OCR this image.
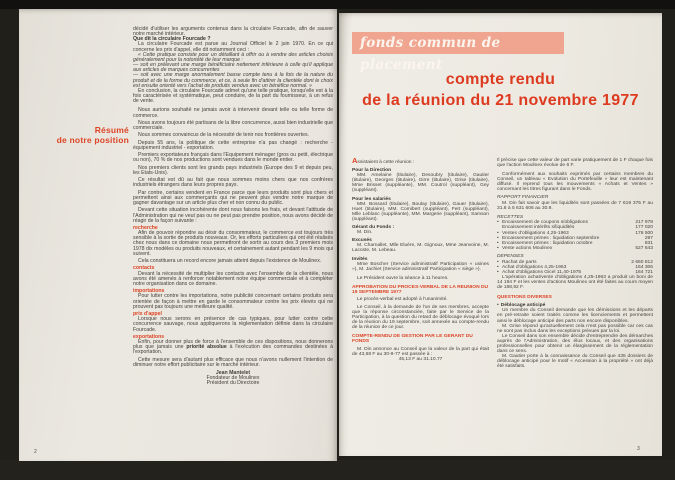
Résumé
de notre position
décidé d'utiliser les arguments contenus dans la circulaire Fourcade, afin de sauver notre marché intérieur.
Que dit la circulaire Fourcade ?
La circulaire Fourcade est parue au Journal Officiel le 2 juin 1970. En ce qui concerne les prix d'appel, elle dit notamment ceci :
« Cette pratique consiste pour un détaillant à offrir ou à vendre des articles choisis généralement pour la notoriété de leur marque :
— soit en prélevant une marge bénéficiaire nettement inférieure à celle qu'il applique aux articles de marques concurrentes
— soit avec une marge anormalement basse compte tenu à la fois de la nature du produit et de la forme du commerce, et ce, à seule fin d'attirer la clientèle dont le choix est ensuite orienté vers l'achat de produits vendus avec un bénéfice normal. »
En conclusion, la circulaire Fourcade admet qu'une telle pratique, lorsqu'elle est à la fois caractérisée et systématique, peut conduire, de la part du fournisseur, à un refus de vente.
Nous aurions souhaité ne jamais avoir à intervenir devant telle ou telle forme de commerce.
Nous avons toujours été partisans de la libre concurrence, aussi bien industrielle que commerciale.
Nous sommes convaincus de la nécessité de tenir nos frontières ouvertes.
Depuis 55 ans, la politique de cette entreprise n'a pas changé : recherche - équipement industriel - exportation.
Premiers exportateurs français dans l'Equipement ménager (gros ou petit, électrique ou non), 70 % de nos productions sont vendues dans le monde entier.
Nos premiers clients sont les grands pays industriels (Europe des 9 et depuis peu, les Etats-Unis).
Ce résultat est dû au fait que nous sommes moins chers que nos confrères industriels étrangers dans leurs propres pays.
Par contre, certains vendent en France parce que leurs produits sont plus chers et permettent ainsi aux commerçants qui ne peuvent plus vendre notre marque de gagner davantage sur un article plus cher et non connu du public.
Devant cette situation incohérente dont nous faisons les frais, et devant l'attitude de l'Administration qui ne veut pas ou ne peut pas prendre position, nous avons décidé de réagir de la façon suivante :
recherche
Afin de pouvoir répondre au désir du consommateur, le commerce est toujours très sensible à la sortie de produits nouveaux. Or, les efforts particuliers qui ont été réalisés chez nous dans ce domaine nous permettront de sortir au cours des 3 premiers mois 1978 dix modèles ou produits nouveaux, et certainement autant pendant les 9 mois qui suivent.
Cela constituera un record encore jamais atteint depuis l'existence de Moulinex.
contacts
Devant la nécessité de multiplier les contacts avec l'ensemble de la clientèle, nous avons été amenés à renforcer notablement notre équipe commerciale et à compléter notre organisation dans ce domaine.
importations
Pour lutter contre les importations, notre publicité concernant certains produits sera orientée de façon à mettre en garde le consommateur contre les prix élevés qui ne prouvent pas toujours une meilleure qualité.
prix d'appel
Lorsque nous serons en présence de cas typiques, pour lutter contre cette concurrence sauvage, nous appliquerons la réglementation définie dans la circulaire Fourcade.
exportations
Enfin, pour donner plus de force à l'ensemble de ces dispositions, nous donnerons plus que jamais une priorité absolue à l'exécution des commandes destinées à l'exportation.
Cette mesure sera d'autant plus efficace que nous n'avons nullement l'intention de diminuer notre effort publicitaire sur le marché intérieur.
Jean Mantelet
Fondateur de Moulinex
Président du Directoire
2
fonds commun de placement
compte rendu
de la réunion du 21 novembre 1977
Assistaient à cette réunion :
Pour la Direction
MM. Amelaine (titulaire), Desoubry (titulaire), Gautier (titulaire), Georges (titulaire), Girre (titulaire), Grise (titulaire), Mme Brisset (suppléante), MM. Coutrol (suppléant), Gey (suppléant).
Pour les salariés
MM. Bossard (titulaire), Boulay (titulaire), Gauer (titulaire), Huet (titulaire), MM. Comibert (suppléant), Fert (suppléant), Mlle Leblanc (suppléante), MM. Margerie (suppléant), Samson (suppléant).
Gérant du Fonds :
M. Din.
Excusés
M. Charnallet, Mlle Eluère, M. Gignoux, Mme Jeanvoine, M. Lacoste, M. Lebeau.
Invités
Mme Boscher (Service administratif Participation « usines »), M. Jachiet (Service administratif Participation « siège »).
Le Président ouvre la séance à 11 heures.
APPROBATION DU PROCES-VERBAL DE LA REUNION DU 19 SEPTEMBRE 1977
Le procès-verbal est adopté à l'unanimité.
Le Conseil, à la demande de l'un de ses membres, accepte que la réponse circonstanciée, faite par le Service de la Participation, à la question du retard de déblocage évoqué lors de la réunion du 19 septembre, soit annexée au compte-rendu de la réunion de ce jour.
COMPTE-RENDU DE GESTION PAR LE GERANT DU FONDS
M. Din annonce au Conseil que la valeur de la part qui était de 43,68 F au 30-9-77 est passée à :
45,13 F au 31.10.77
Il précise que cette valeur de part varie pratiquement de 1 F chaque fois que l'action Moulinex évolue de 6 F.
Conformément aux souhaits exprimés par certains membres du Conseil, un tableau « Evolution du Portefeuille » leur est maintenant diffusé. Il reprend tous les mouvements « Achats et Ventes » concernant les titres figurant dans le Fonds.
RAPPORT FINANCIER
M. Din fait savoir que les liquidités sont passées de 7 619 375 F au 31.8 à 5 631 606 au 30.9.
RECETTES
• Encaissement de coupons s/obligations	217 978
Encaissement intérêts s/liquidités	177 020
• Ventes d'obligations 4,25-1963	176 500
• Encaissement primes : liquidation septembre	297
• Encaissement primes : liquidation octobre	831
• Vente actions Moulinex	527 643
DEPENSES
• Rachat de parts	2 660 812
• Achat d'obligations 4,25-1963	164 306
• Achat d'obligations Gicel 11,40-1975	164 721
L'opération achat/vente d'obligations 4,25-1963 a produit un boni de 14 194 F et les ventes d'actions Moulinex ont été faites au cours moyen de 188,92 F.
QUESTIONS DIVERSES
• Déblocage anticipé
Un membre du Conseil demande que les démissions et les départs en pré-retraite soient traités comme les licenciements et permettent ainsi le déblocage anticipé des parts non encore disponibles.
M. Grise répond qu'actuellement cela n'est pas possible car ces cas ne sont pas inclus dans les exceptions prévues par la loi.
Le Conseil dans son ensemble décide d'entreprendre des démarches auprès de l'Administration, des élus locaux, et des organisations professionnelles pour obtenir un élargissement de la réglementation dans ce sens.
M. Gautier porte à la connaissance du Conseil que 435 dossiers de déblocage anticipé pour le motif « Accession à la propriété » ont déjà été satisfaits.
3
